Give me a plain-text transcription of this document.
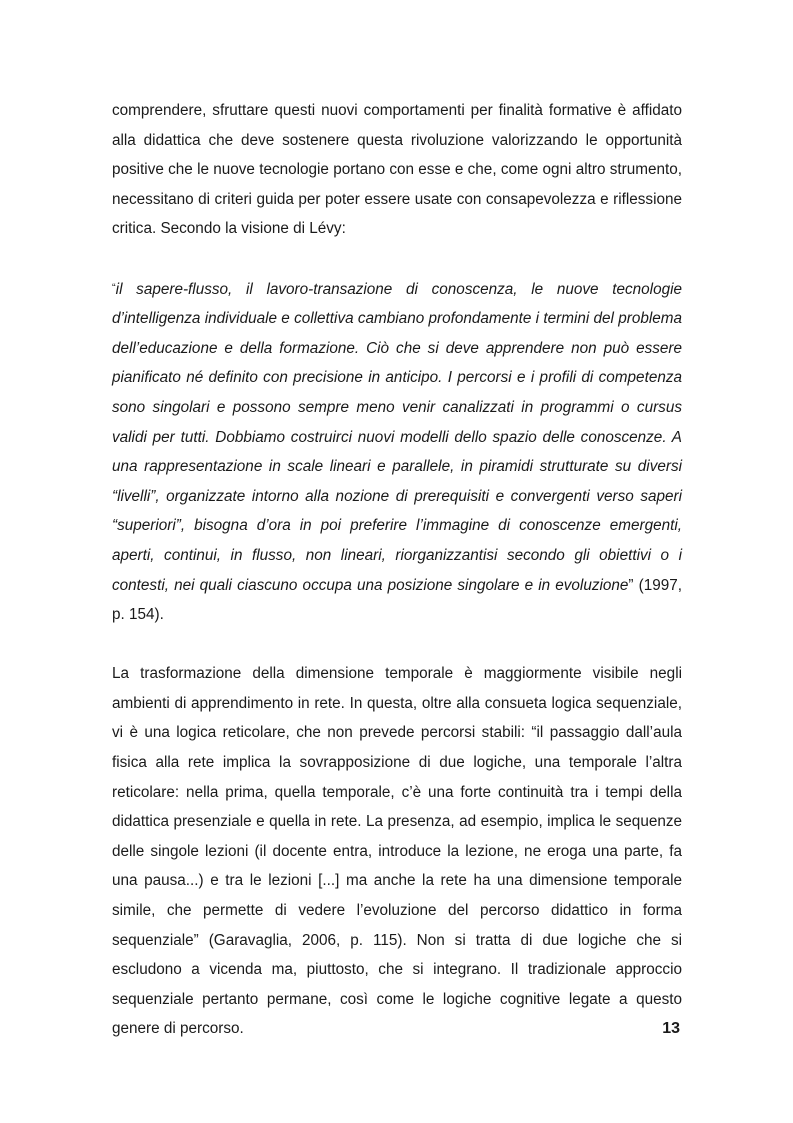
comprendere, sfruttare questi nuovi comportamenti per finalità formative è affidato alla didattica che deve sostenere questa rivoluzione valorizzando le opportunità positive che le nuove tecnologie portano con esse e che, come ogni altro strumento, necessitano di criteri guida per poter essere usate con consapevolezza e riflessione critica. Secondo la visione di Lévy:

“il sapere-flusso, il lavoro-transazione di conoscenza, le nuove tecnologie d’intelligenza individuale e collettiva cambiano profondamente i termini del problema dell’educazione e della formazione. Ciò che si deve apprendere non può essere pianificato né definito con precisione in anticipo. I percorsi e i profili di competenza sono singolari e possono sempre meno venir canalizzati in programmi o cursus validi per tutti. Dobbiamo costruirci nuovi modelli dello spazio delle conoscenze. A una rappresentazione in scale lineari e parallele, in piramidi strutturate su diversi “livelli”, organizzate intorno alla nozione di prerequisiti e convergenti verso saperi “superiori”, bisogna d’ora in poi preferire l’immagine di conoscenze emergenti, aperti, continui, in flusso, non lineari, riorganizzantisi secondo gli obiettivi o i contesti, nei quali ciascuno occupa una posizione singolare e in evoluzione” (1997, p. 154).

La trasformazione della dimensione temporale è maggiormente visibile negli ambienti di apprendimento in rete. In questa, oltre alla consueta logica sequenziale, vi è una logica reticolare, che non prevede percorsi stabili: “il passaggio dall’aula fisica alla rete implica la sovrapposizione di due logiche, una temporale l’altra reticolare: nella prima, quella temporale, c’è una forte continuità tra i tempi della didattica presenziale e quella in rete. La presenza, ad esempio, implica le sequenze delle singole lezioni (il docente entra, introduce la lezione, ne eroga una parte, fa una pausa...) e tra le lezioni [...] ma anche la rete ha una dimensione temporale simile, che permette di vedere l’evoluzione del percorso didattico in forma sequenziale” (Garavaglia, 2006, p. 115). Non si tratta di due logiche che si escludono a vicenda ma, piuttosto, che si integrano. Il tradizionale approccio sequenziale pertanto permane, così come le logiche cognitive legate a questo genere di percorso.	13
